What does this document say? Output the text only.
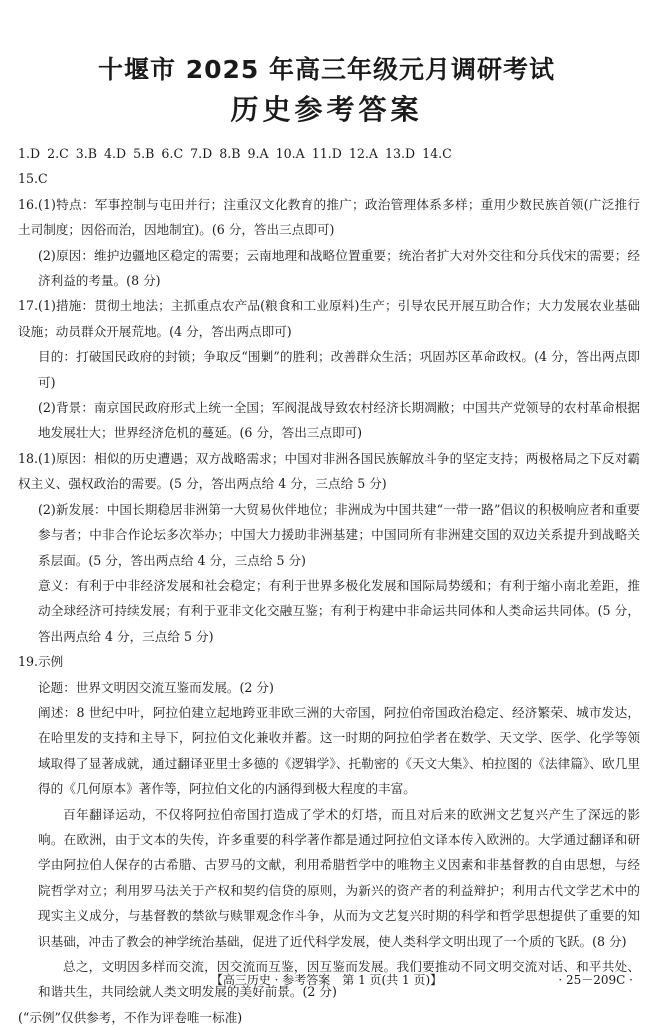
十堰市 2025 年高三年级元月调研考试
历史参考答案

1.D 2.C 3.B 4.D 5.B 6.C 7.D 8.B 9.A 10.A 11.D 12.A 13.D 14.C

15.C

16.(1)特点：军事控制与屯田并行；注重汉文化教育的推广；政治管理体系多样；重用少数民族首领(广泛推行土司制度；因俗而治，因地制宜)。(6 分，答出三点即可)

(2)原因：维护边疆地区稳定的需要；云南地理和战略位置重要；统治者扩大对外交往和分兵伐宋的需要；经济利益的考量。(8 分)

17.(1)措施：贯彻土地法；主抓重点农产品(粮食和工业原料)生产；引导农民开展互助合作；大力发展农业基础设施；动员群众开展荒地。(4 分，答出两点即可)

目的：打破国民政府的封锁；争取反“围剿”的胜利；改善群众生活；巩固苏区革命政权。(4 分，答出两点即可)

(2)背景：南京国民政府形式上统一全国；军阀混战导致农村经济长期凋敝；中国共产党领导的农村革命根据地发展壮大；世界经济危机的蔓延。(6 分，答出三点即可)

18.(1)原因：相似的历史遭遇；双方战略需求；中国对非洲各国民族解放斗争的坚定支持；两极格局之下反对霸权主义、强权政治的需要。(5 分，答出两点给 4 分，三点给 5 分)

(2)新发展：中国长期稳居非洲第一大贸易伙伴地位；非洲成为中国共建“一带一路”倡议的积极响应者和重要参与者；中非合作论坛多次举办；中国大力援助非洲基建；中国同所有非洲建交国的双边关系提升到战略关系层面。(5 分，答出两点给 4 分，三点给 5 分)

意义：有利于中非经济发展和社会稳定；有利于世界多极化发展和国际局势缓和；有利于缩小南北差距，推动全球经济可持续发展；有利于亚非文化交融互鉴；有利于构建中非命运共同体和人类命运共同体。(5 分，答出两点给 4 分，三点给 5 分)

19.示例

论题：世界文明因交流互鉴而发展。(2 分)

阐述：8 世纪中叶，阿拉伯建立起地跨亚非欧三洲的大帝国，阿拉伯帝国政治稳定、经济繁荣、城市发达，在哈里发的支持和主导下，阿拉伯文化兼收并蓄。这一时期的阿拉伯学者在数学、天文学、医学、化学等领域取得了显著成就，通过翻译亚里士多德的《逻辑学》、托勒密的《天文大集》、柏拉图的《法律篇》、欧几里得的《几何原本》著作等，阿拉伯文化的内涵得到极大程度的丰富。

百年翻译运动，不仅将阿拉伯帝国打造成了学术的灯塔，而且对后来的欧洲文艺复兴产生了深远的影响。在欧洲，由于文本的失传，许多重要的科学著作都是通过阿拉伯文译本传入欧洲的。大学通过翻译和研学由阿拉伯人保存的古希腊、古罗马的文献，利用希腊哲学中的唯物主义因素和非基督教的自由思想，与经院哲学对立；利用罗马法关于产权和契约信贷的原则，为新兴的资产者的利益辩护；利用古代文学艺术中的现实主义成分，与基督教的禁欲与赎罪观念作斗争，从而为文艺复兴时期的科学和哲学思想提供了重要的知识基础，冲击了教会的神学统治基础，促进了近代科学发展，使人类科学文明出现了一个质的飞跃。(8 分)

总之，文明因多样而交流，因交流而互鉴，因互鉴而发展。我们要推动不同文明交流对话、和平共处、和谐共生，共同绘就人类文明发展的美好前景。(2 分)

(“示例”仅供参考，不作为评卷唯一标准)

【高三历史 · 参考答案　第 1 页(共 1 页)】	· 25－209C ·
